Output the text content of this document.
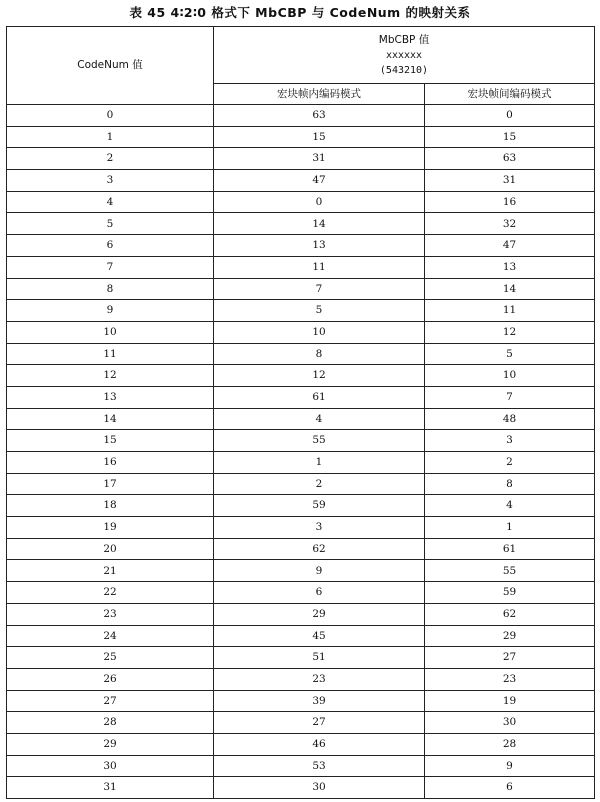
表 45 4∶2∶0 格式下 MbCBP 与 CodeNum 的映射关系
CodeNum 值	MbCBP 值
xxxxxx
(543210)	

	宏块帧内编码模式	宏块帧间编码模式
0	63	0
1	15	15
2	31	63
3	47	31
4	0	16
5	14	32
6	13	47
7	11	13
8	7	14
9	5	11
10	10	12
11	8	5
12	12	10
13	61	7
14	4	48
15	55	3
16	1	2
17	2	8
18	59	4
19	3	1
20	62	61
21	9	55
22	6	59
23	29	62
24	45	29
25	51	27
26	23	23
27	39	19
28	27	30
29	46	28
30	53	9
31	30	6
